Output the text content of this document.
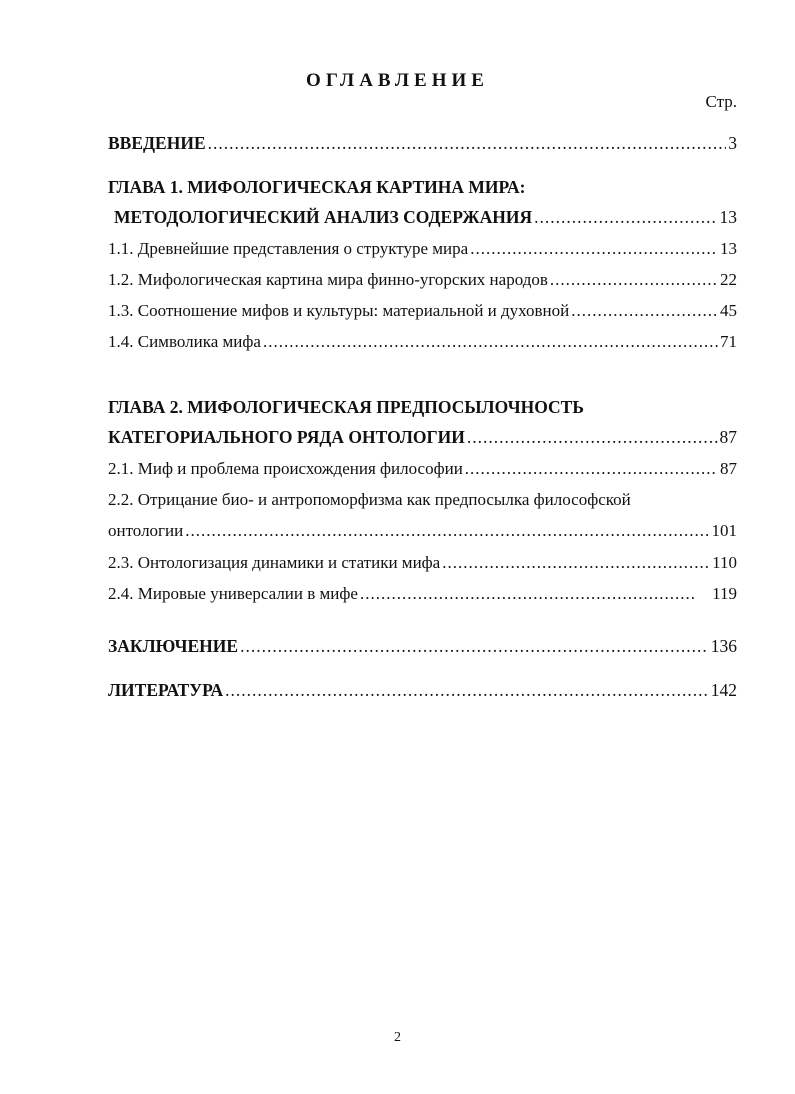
ОГЛАВЛЕНИЕ
Стр.
ВВЕДЕНИЕ .....	3
ГЛАВА 1. МИФОЛОГИЧЕСКАЯ КАРТИНА МИРА:
МЕТОДОЛОГИЧЕСКИЙ АНАЛИЗ СОДЕРЖАНИЯ .....	13
1.1. Древнейшие представления о структуре мира .....	13
1.2. Мифологическая картина мира финно-угорских народов .....	22
1.3. Соотношение мифов и культуры: материальной и духовной .....	45
1.4. Символика мифа .....	71
ГЛАВА 2. МИФОЛОГИЧЕСКАЯ ПРЕДПОСЫЛОЧНОСТЬ
КАТЕГОРИАЛЬНОГО РЯДА ОНТОЛОГИИ .....	87
2.1. Миф и проблема происхождения философии .....	87
2.2. Отрицание био- и антропоморфизма как предпосылка философской
онтологии .....	101
2.3. Онтологизация динамики и статики мифа .....	110
2.4. Мировые универсалии в мифе .....	119
ЗАКЛЮЧЕНИЕ .....	136
ЛИТЕРАТУРА .....	142
2
